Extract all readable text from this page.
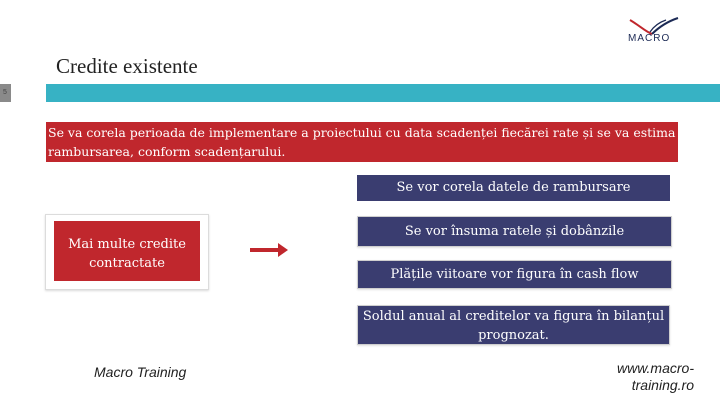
MACRO
Credite existente
5
Se va corela perioada de implementare a proiectului cu data scadenței fiecărei rate și se va estima rambursarea, conform scadențarului.
Mai multe credite contractate
Se vor corela datele de rambursare
Se vor însuma ratele și dobânzile
Plățile viitoare vor figura în cash flow
Soldul anual al creditelor va figura în bilanțul prognozat.
Macro Training	www.macro-training.ro
